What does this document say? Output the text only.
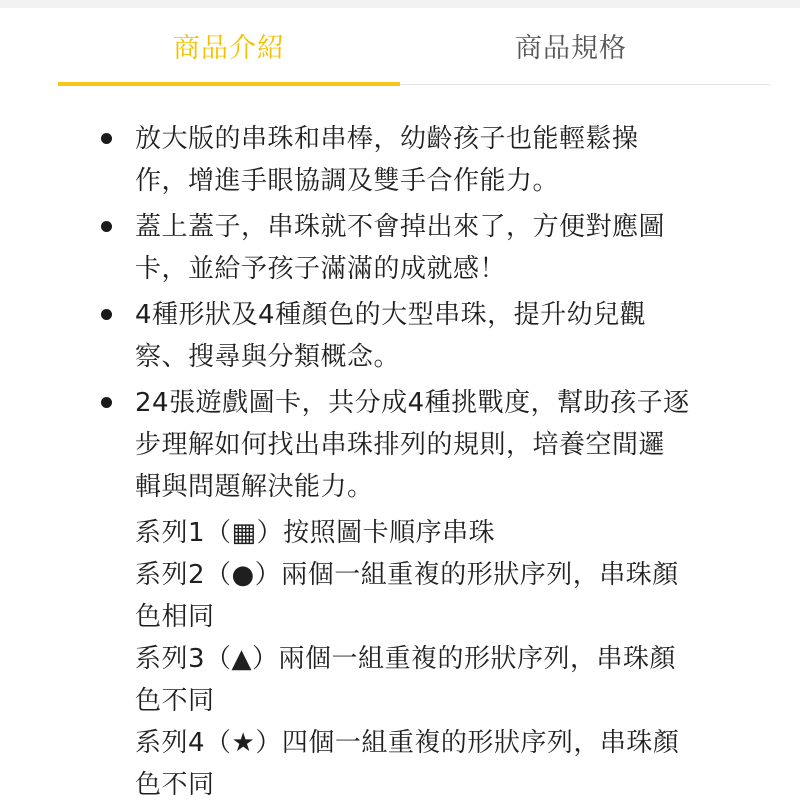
商品介紹	商品規格
放大版的串珠和串棒，幼齡孩子也能輕鬆操
作，增進手眼協調及雙手合作能力。
蓋上蓋子，串珠就不會掉出來了，方便對應圖
卡，並給予孩子滿滿的成就感！
4種形狀及4種顏色的大型串珠，提升幼兒觀
察、搜尋與分類概念。
24張遊戲圖卡，共分成4種挑戰度，幫助孩子逐
步理解如何找出串珠排列的規則，培養空間邏
輯與問題解決能力。
系列1（▦）按照圖卡順序串珠
系列2（●）兩個一組重複的形狀序列，串珠顏
色相同
系列3（▲）兩個一組重複的形狀序列，串珠顏
色不同
系列4（★）四個一組重複的形狀序列，串珠顏
色不同
